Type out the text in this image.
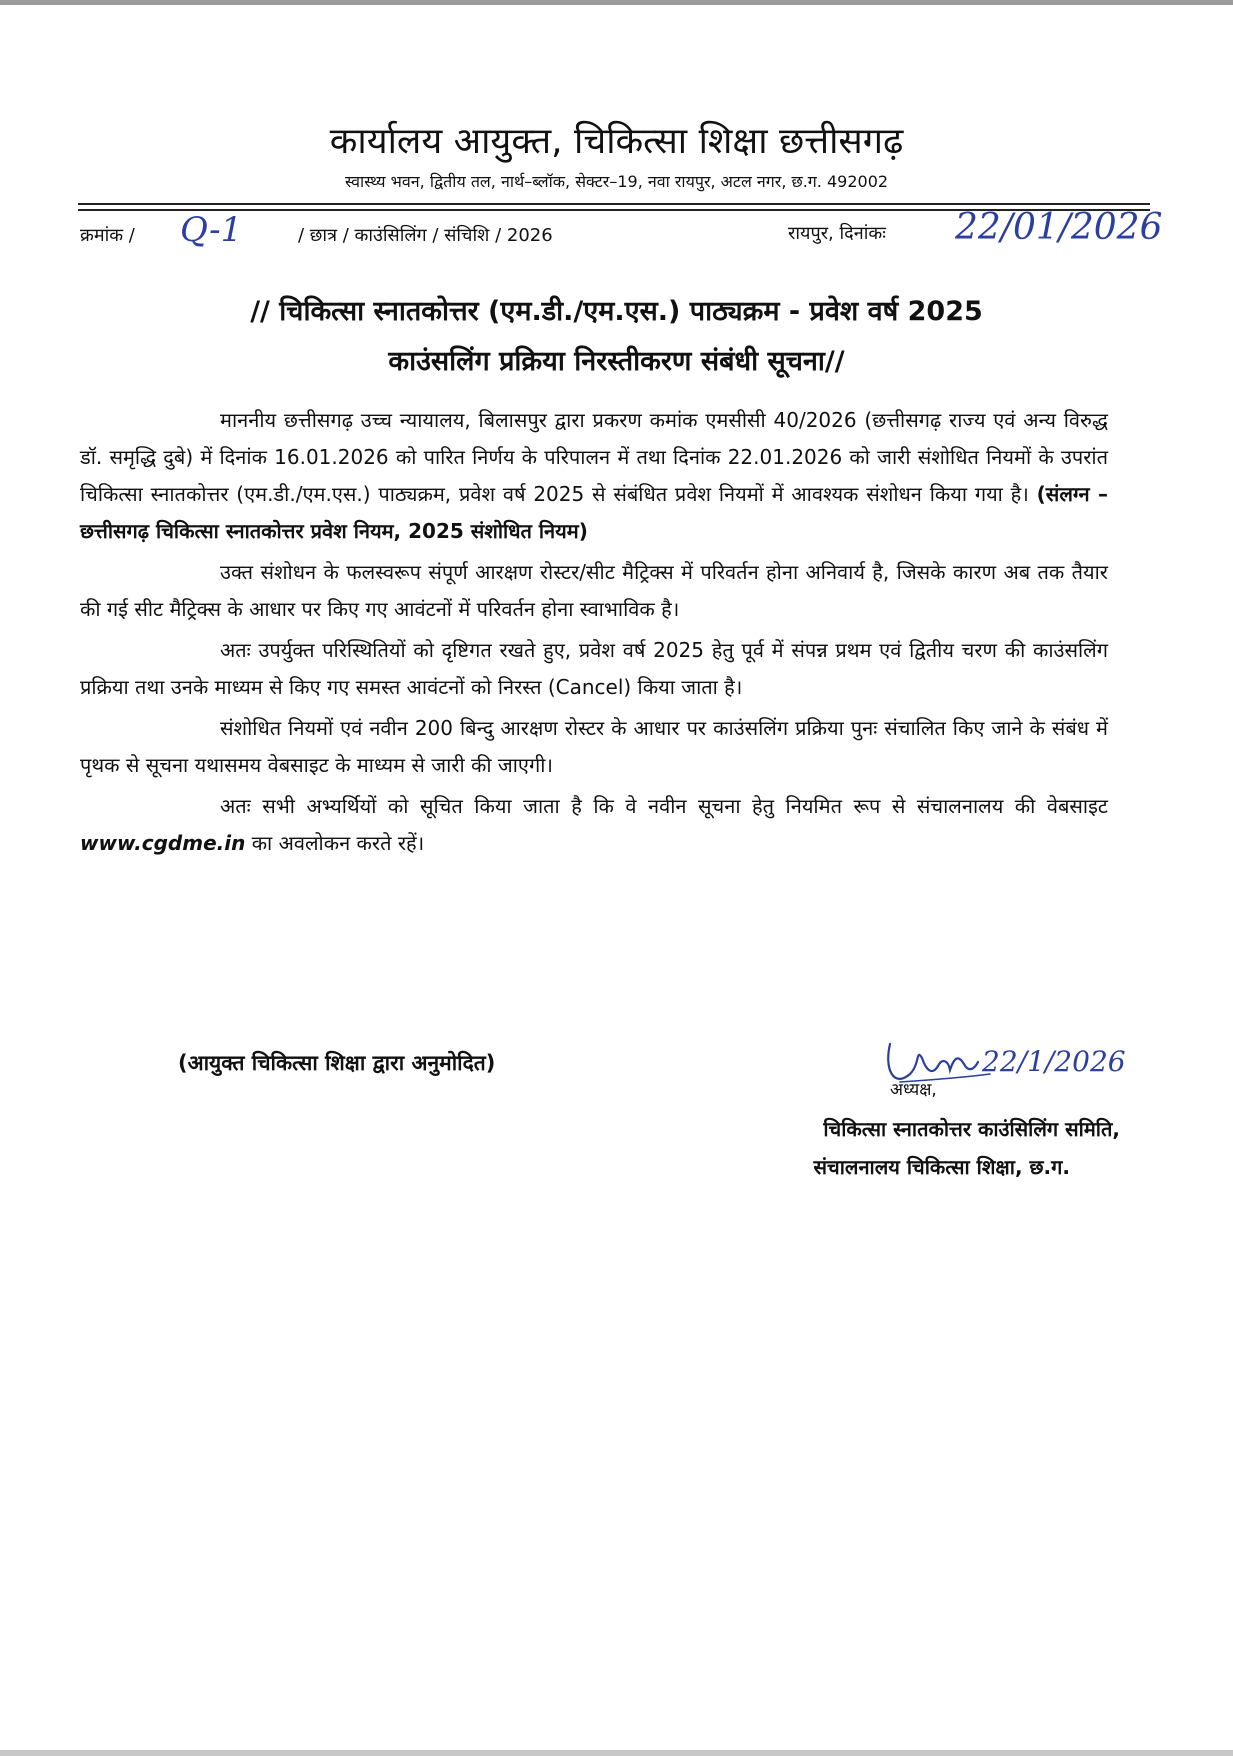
कार्यालय आयुक्त, चिकित्सा शिक्षा छत्तीसगढ़
स्वास्थ्य भवन, द्वितीय तल, नार्थ–ब्लॉक, सेक्टर–19, नवा रायपुर, अटल नगर, छ.ग. 492002
क्रमांक / Q-1	/ छात्र / काउंसिलिंग / संचिशि / 2026	रायपुर, दिनांकः 22/01/2026
// चिकित्सा स्नातकोत्तर (एम.डी./एम.एस.) पाठ्यक्रम - प्रवेश वर्ष 2025
काउंसलिंग प्रक्रिया निरस्तीकरण संबंधी सूचना//

माननीय छत्तीसगढ़ उच्च न्यायालय, बिलासपुर द्वारा प्रकरण कमांक एमसीसी 40/2026 (छत्तीसगढ़ राज्य एवं अन्य विरुद्ध डॉ. समृद्धि दुबे) में दिनांक 16.01.2026 को पारित निर्णय के परिपालन में तथा दिनांक 22.01.2026 को जारी संशोधित नियमों के उपरांत चिकित्सा स्नातकोत्तर (एम.डी./एम.एस.) पाठ्यक्रम, प्रवेश वर्ष 2025 से संबंधित प्रवेश नियमों में आवश्यक संशोधन किया गया है। (संलग्न – छत्तीसगढ़ चिकित्सा स्नातकोत्तर प्रवेश नियम, 2025 संशोधित नियम)

उक्त संशोधन के फलस्वरूप संपूर्ण आरक्षण रोस्टर/सीट मैट्रिक्स में परिवर्तन होना अनिवार्य है, जिसके कारण अब तक तैयार की गई सीट मैट्रिक्स के आधार पर किए गए आवंटनों में परिवर्तन होना स्वाभाविक है।

अतः उपर्युक्त परिस्थितियों को दृष्टिगत रखते हुए, प्रवेश वर्ष 2025 हेतु पूर्व में संपन्न प्रथम एवं द्वितीय चरण की काउंसलिंग प्रक्रिया तथा उनके माध्यम से किए गए समस्त आवंटनों को निरस्त (Cancel) किया जाता है।

संशोधित नियमों एवं नवीन 200 बिन्दु आरक्षण रोस्टर के आधार पर काउंसलिंग प्रक्रिया पुनः संचालित किए जाने के संबंध में पृथक से सूचना यथासमय वेबसाइट के माध्यम से जारी की जाएगी।

अतः सभी अभ्यर्थियों को सूचित किया जाता है कि वे नवीन सूचना हेतु नियमित रूप से संचालनालय की वेबसाइट www.cgdme.in का अवलोकन करते रहें।

(आयुक्त चिकित्सा शिक्षा द्वारा अनुमोदित)	22/1/2026
अध्यक्ष,
चिकित्सा स्नातकोत्तर काउंसिलिंग समिति,
संचालनालय चिकित्सा शिक्षा, छ.ग.
